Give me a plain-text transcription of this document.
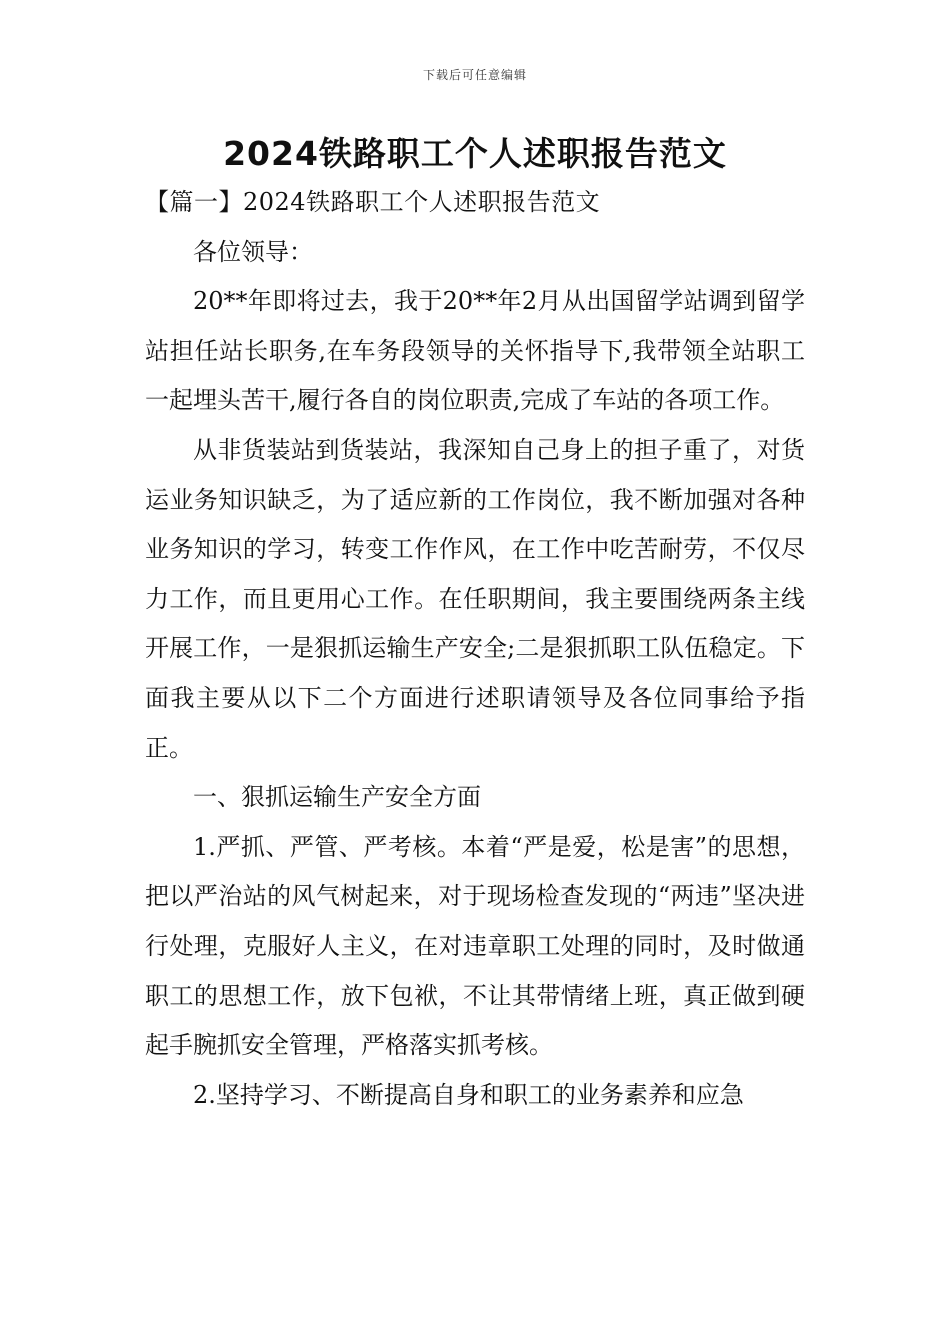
下载后可任意编辑
2024铁路职工个人述职报告范文

【篇一】2024铁路职工个人述职报告范文

各位领导：

20**年即将过去，我于20**年2月从出国留学站调到留学站担任站长职务,在车务段领导的关怀指导下,我带领全站职工一起埋头苦干,履行各自的岗位职责,完成了车站的各项工作。

从非货装站到货装站，我深知自己身上的担子重了，对货运业务知识缺乏，为了适应新的工作岗位，我不断加强对各种业务知识的学习，转变工作作风，在工作中吃苦耐劳，不仅尽力工作，而且更用心工作。在任职期间，我主要围绕两条主线开展工作，一是狠抓运输生产安全;二是狠抓职工队伍稳定。下面我主要从以下二个方面进行述职请领导及各位同事给予指正。

一、狠抓运输生产安全方面

1.严抓、严管、严考核。本着“严是爱，松是害”的思想，把以严治站的风气树起来，对于现场检查发现的“两违”坚决进行处理，克服好人主义，在对违章职工处理的同时，及时做通职工的思想工作，放下包袱，不让其带情绪上班，真正做到硬起手腕抓安全管理，严格落实抓考核。

2.坚持学习、不断提高自身和职工的业务素养和应急
